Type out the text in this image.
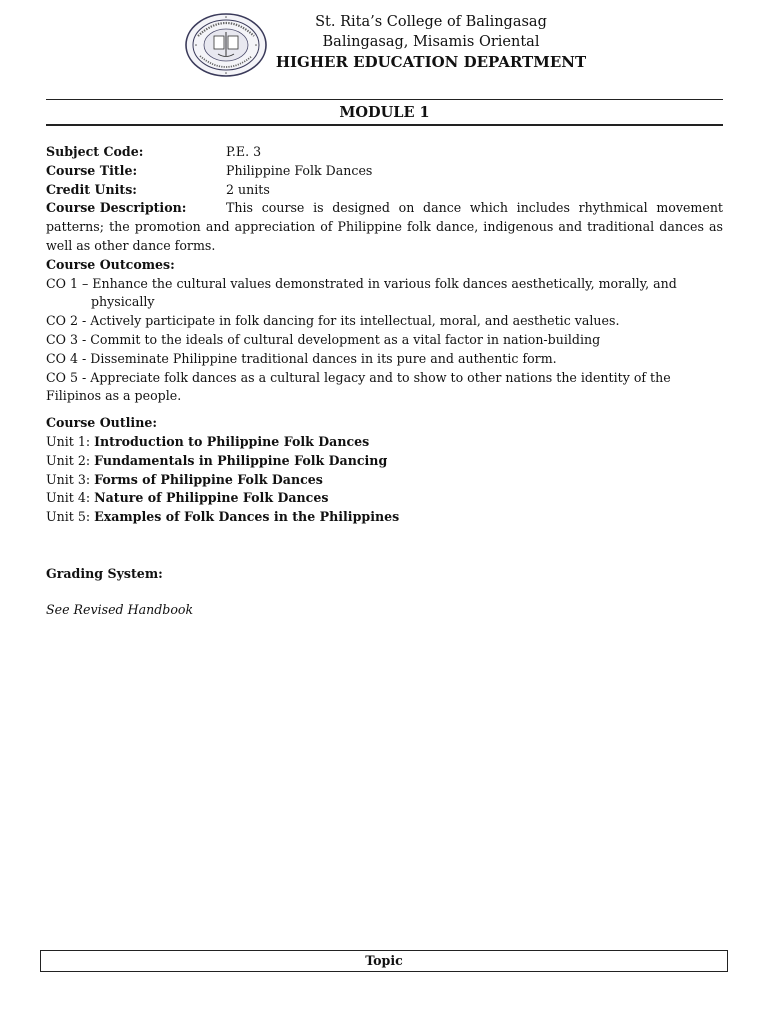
St. Rita’s College of Balingasag
Balingasag, Misamis Oriental
HIGHER EDUCATION DEPARTMENT
MODULE 1
Subject Code:	P.E. 3
Course Title:	Philippine Folk Dances
Credit Units:	2 units
Course Description:	This course is designed on dance which includes rhythmical movement patterns; the promotion and appreciation of Philippine folk dance, indigenous and traditional dances as well as other dance forms.
Course Outcomes:
CO 1 – Enhance the cultural values demonstrated in various folk dances aesthetically, morally, and
physically
CO 2 - Actively participate in folk dancing for its intellectual, moral, and aesthetic values.
CO 3 - Commit to the ideals of cultural development as a vital factor in nation-building
CO 4 - Disseminate Philippine traditional dances in its pure and authentic form.
CO 5 - Appreciate folk dances as a cultural legacy and to show to other nations the identity of the Filipinos as a people.
Course Outline:
Unit 1: Introduction to Philippine Folk Dances
Unit 2: Fundamentals in Philippine Folk Dancing
Unit 3: Forms of Philippine Folk Dances
Unit 4: Nature of Philippine Folk Dances
Unit 5: Examples of Folk Dances in the Philippines
Grading System:
See Revised Handbook
Topic
